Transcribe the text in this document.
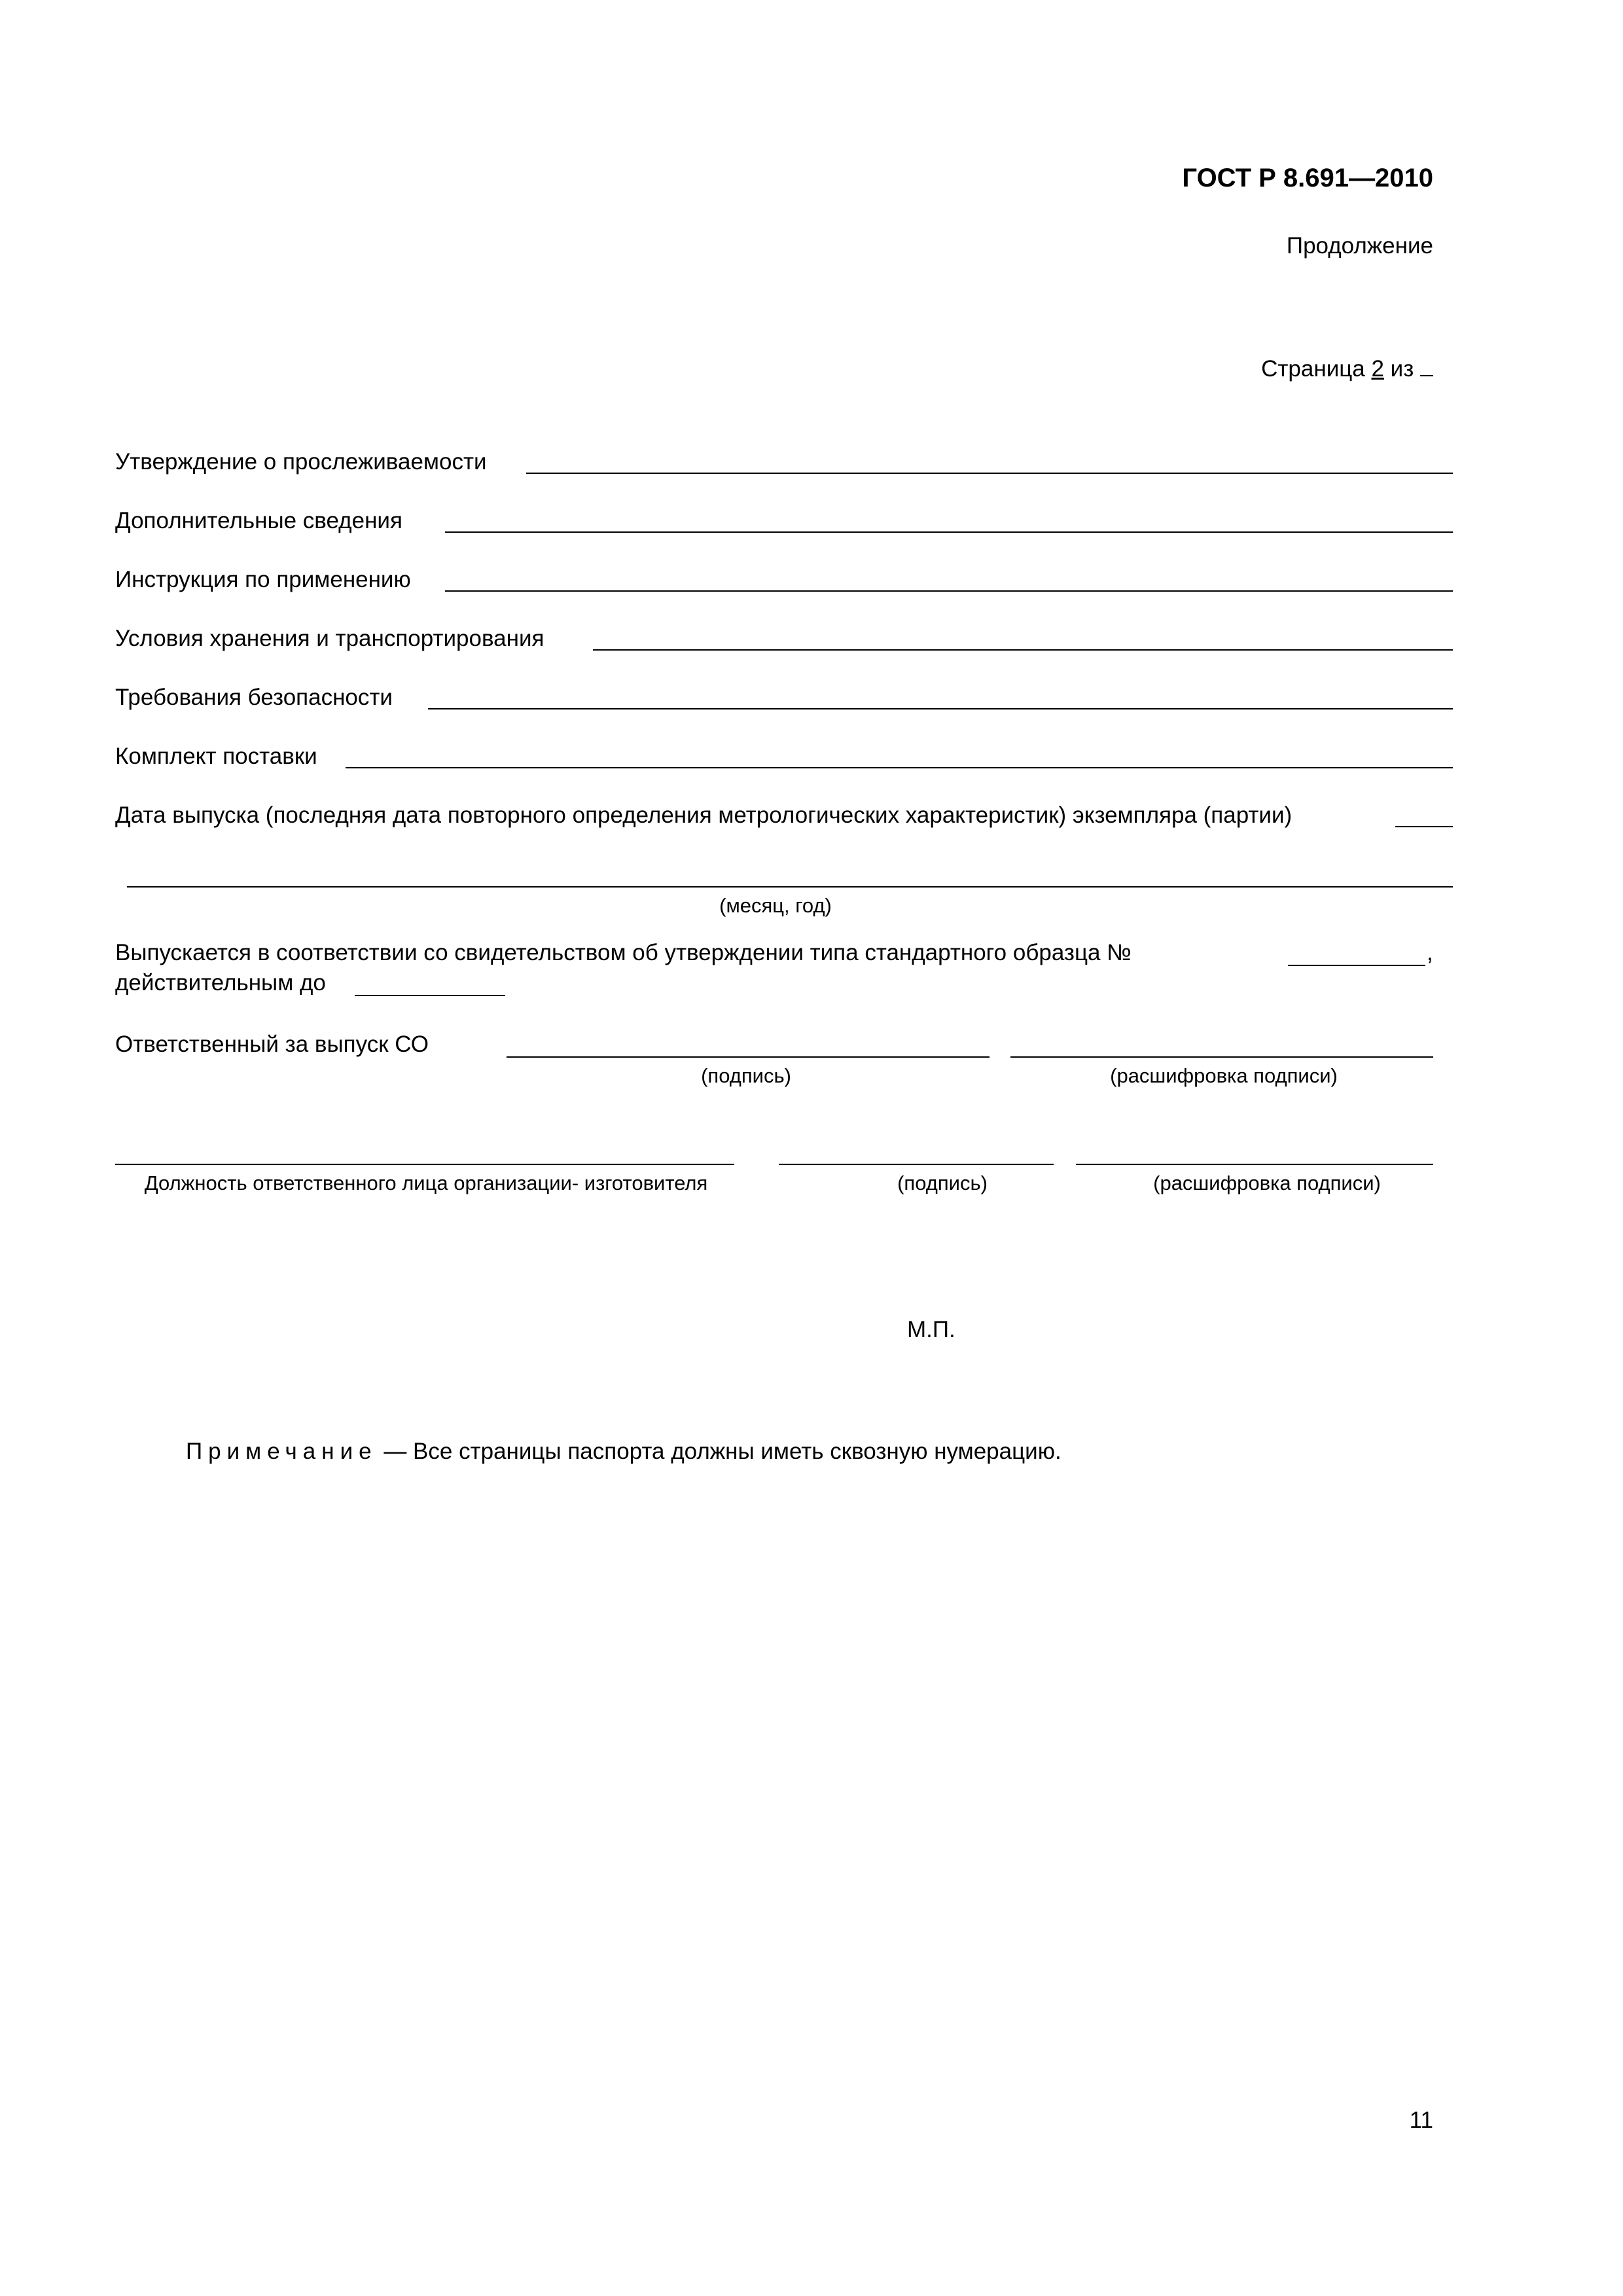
ГОСТ Р 8.691—2010
Продолжение
Страница 2 из
Утверждение о прослеживаемости
Дополнительные сведения
Инструкция по применению
Условия хранения и транспортирования
Требования безопасности
Комплект поставки
Дата выпуска (последняя дата повторного определения метрологических характеристик) экземпляра (партии)
(месяц, год)
Выпускается в соответствии со свидетельством об утверждении типа стандартного образца №	,
действительным до
Ответственный за выпуск СО
(подпись)	(расшифровка подписи)
Должность ответственного лица организации- изготовителя	(подпись)	(расшифровка подписи)
М.П.
Примечание — Все страницы паспорта должны иметь сквозную нумерацию.
11
